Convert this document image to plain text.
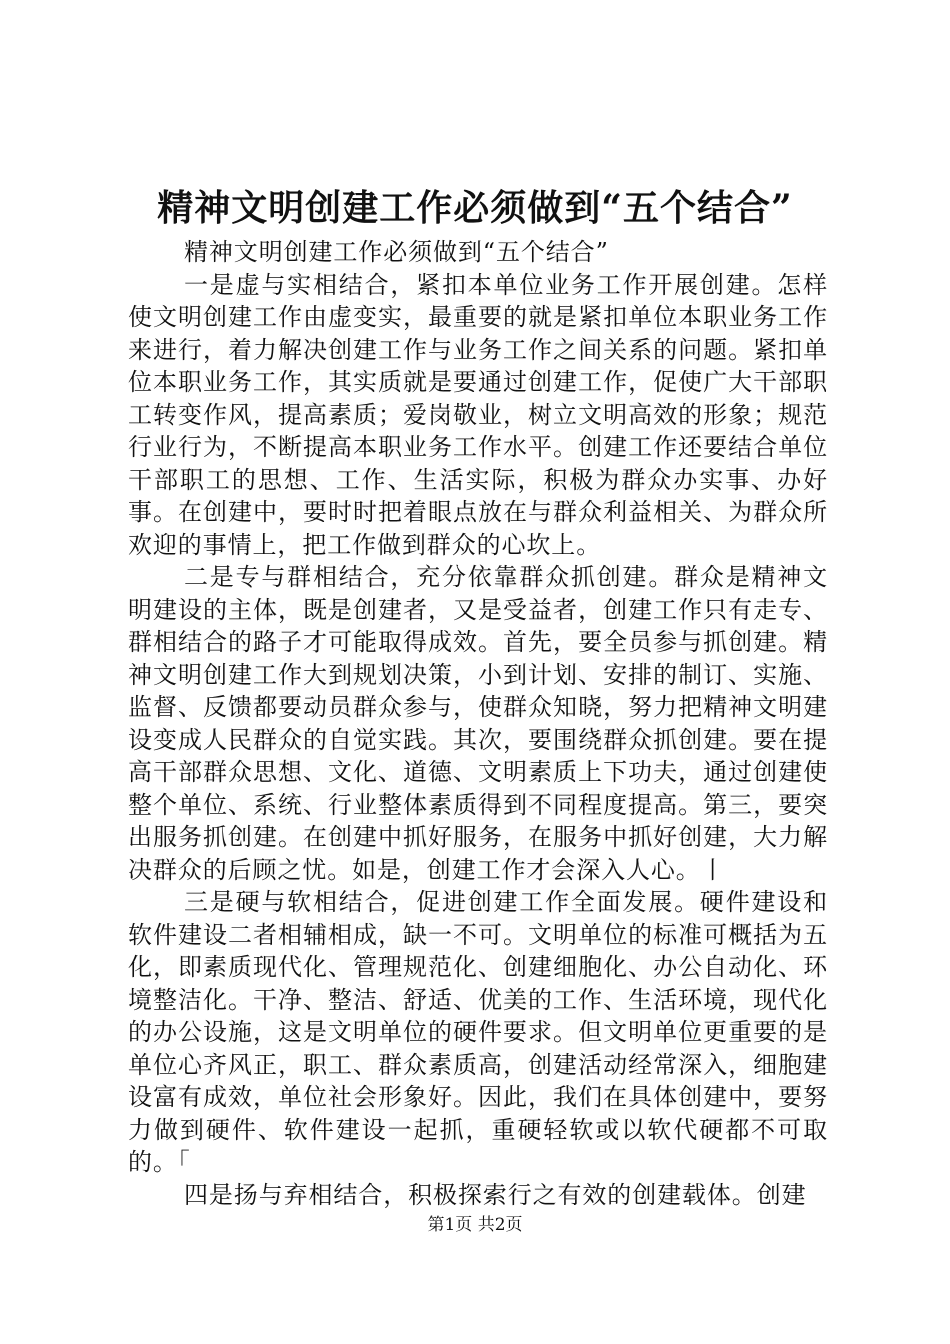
精神文明创建工作必须做到“五个结合”

精神文明创建工作必须做到“五个结合”

一是虚与实相结合，紧扣本单位业务工作开展创建。怎样使文明创建工作由虚变实，最重要的就是紧扣单位本职业务工作来进行，着力解决创建工作与业务工作之间关系的问题。紧扣单位本职业务工作，其实质就是要通过创建工作，促使广大干部职工转变作风，提高素质；爱岗敬业，树立文明高效的形象；规范行业行为，不断提高本职业务工作水平。创建工作还要结合单位干部职工的思想、工作、生活实际，积极为群众办实事、办好事。在创建中，要时时把着眼点放在与群众利益相关、为群众所欢迎的事情上，把工作做到群众的心坎上。

二是专与群相结合，充分依靠群众抓创建。群众是精神文明建设的主体，既是创建者，又是受益者，创建工作只有走专、群相结合的路子才可能取得成效。首先，要全员参与抓创建。精神文明创建工作大到规划决策，小到计划、安排的制订、实施、监督、反馈都要动员群众参与，使群众知晓，努力把精神文明建设变成人民群众的自觉实践。其次，要围绕群众抓创建。要在提高干部群众思想、文化、道德、文明素质上下功夫，通过创建使整个单位、系统、行业整体素质得到不同程度提高。第三，要突出服务抓创建。在创建中抓好服务，在服务中抓好创建，大力解决群众的后顾之忧。如是，创建工作才会深入人心。丨

三是硬与软相结合，促进创建工作全面发展。硬件建设和软件建设二者相辅相成，缺一不可。文明单位的标准可概括为五化，即素质现代化、管理规范化、创建细胞化、办公自动化、环境整洁化。干净、整洁、舒适、优美的工作、生活环境，现代化的办公设施，这是文明单位的硬件要求。但文明单位更重要的是单位心齐风正，职工、群众素质高，创建活动经常深入，细胞建设富有成效，单位社会形象好。因此，我们在具体创建中，要努力做到硬件、软件建设一起抓，重硬轻软或以软代硬都不可取的。「

四是扬与弃相结合，积极探索行之有效的创建载体。创建

第1页 共2页
